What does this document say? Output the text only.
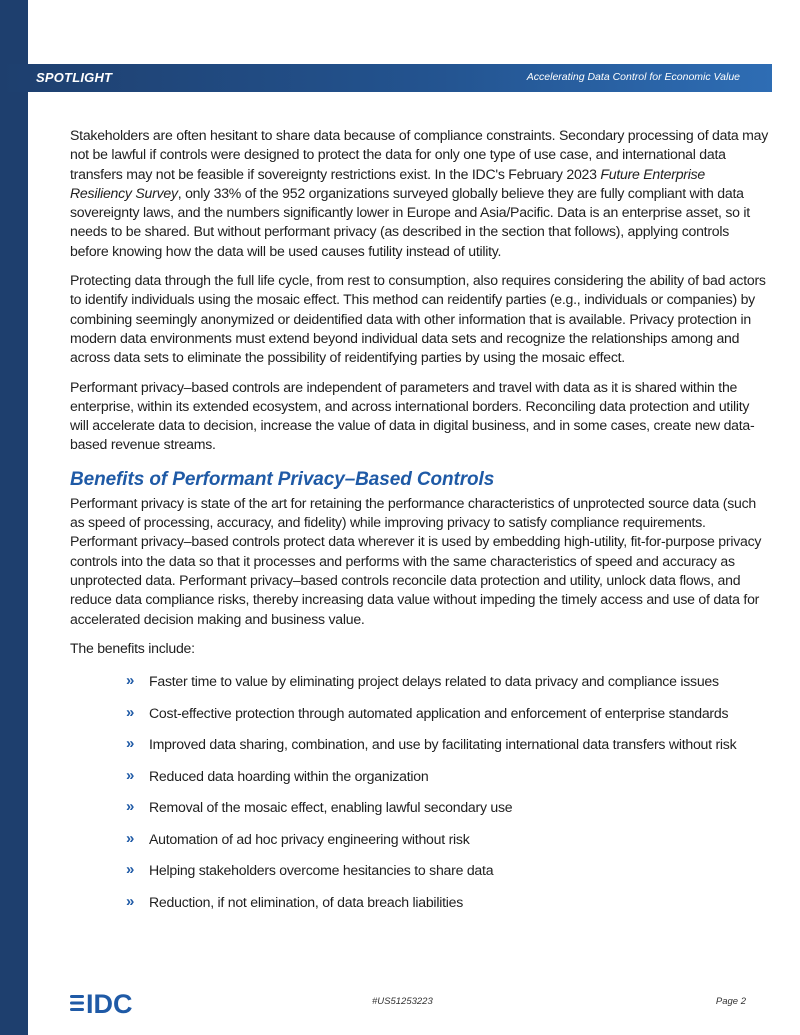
SPOTLIGHT	Accelerating Data Control for Economic Value

Stakeholders are often hesitant to share data because of compliance constraints. Secondary processing of data may not be lawful if controls were designed to protect the data for only one type of use case, and international data transfers may not be feasible if sovereignty restrictions exist. In the IDC's February 2023 Future Enterprise Resiliency Survey, only 33% of the 952 organizations surveyed globally believe they are fully compliant with data sovereignty laws, and the numbers significantly lower in Europe and Asia/Pacific. Data is an enterprise asset, so it needs to be shared. But without performant privacy (as described in the section that follows), applying controls before knowing how the data will be used causes futility instead of utility.

Protecting data through the full life cycle, from rest to consumption, also requires considering the ability of bad actors to identify individuals using the mosaic effect. This method can reidentify parties (e.g., individuals or companies) by combining seemingly anonymized or deidentified data with other information that is available. Privacy protection in modern data environments must extend beyond individual data sets and recognize the relationships among and across data sets to eliminate the possibility of reidentifying parties by using the mosaic effect.

Performant privacy–based controls are independent of parameters and travel with data as it is shared within the enterprise, within its extended ecosystem, and across international borders. Reconciling data protection and utility will accelerate data to decision, increase the value of data in digital business, and in some cases, create new data-based revenue streams.

Benefits of Performant Privacy–Based Controls

Performant privacy is state of the art for retaining the performance characteristics of unprotected source data (such as speed of processing, accuracy, and fidelity) while improving privacy to satisfy compliance requirements. Performant privacy–based controls protect data wherever it is used by embedding high-utility, fit-for-purpose privacy controls into the data so that it processes and performs with the same characteristics of speed and accuracy as unprotected data. Performant privacy–based controls reconcile data protection and utility, unlock data flows, and reduce data compliance risks, thereby increasing data value without impeding the timely access and use of data for accelerated decision making and business value.

The benefits include:

»	Faster time to value by eliminating project delays related to data privacy and compliance issues
»	Cost-effective protection through automated application and enforcement of enterprise standards
»	Improved data sharing, combination, and use by facilitating international data transfers without risk
»	Reduced data hoarding within the organization
»	Removal of the mosaic effect, enabling lawful secondary use
»	Automation of ad hoc privacy engineering without risk
»	Helping stakeholders overcome hesitancies to share data
»	Reduction, if not elimination, of data breach liabilities
IDC	#US51253223	Page 2
